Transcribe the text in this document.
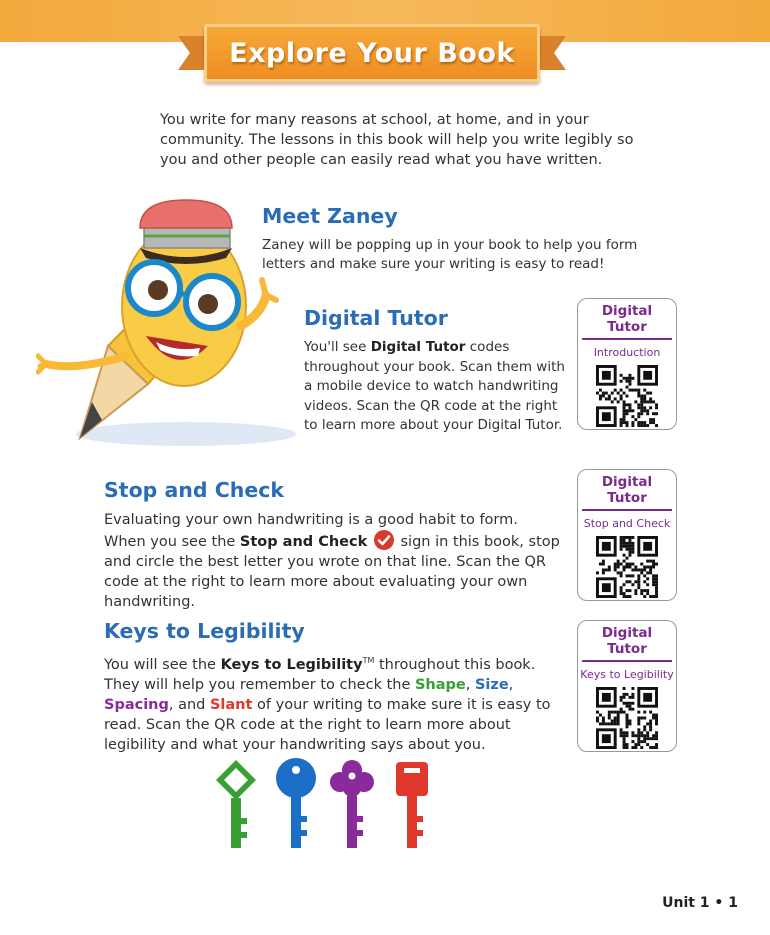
Explore Your Book

You write for many reasons at school, at home, and in your community. The lessons in this book will help you write legibly so you and other people can easily read what you have written.

Meet Zaney

Zaney will be popping up in your book to help you form letters and make sure your writing is easy to read!

Digital Tutor

You'll see Digital Tutor codes throughout your book. Scan them with a mobile device to watch handwriting videos. Scan the QR code at the right to learn more about your Digital Tutor.

Stop and Check

Evaluating your own handwriting is a good habit to form. When you see the Stop and Check
sign in this book, stop and circle the best letter you wrote on that line. Scan the QR code at the right to learn more about evaluating your own handwriting.

Keys to Legibility

You will see the Keys to Legibility™ throughout this book. They will help you remember to check the Shape, Size, Spacing, and Slant of your writing to make sure it is easy to read. Scan the QR code at the right to learn more about legibility and what your handwriting says about you.

Digital Tutor
Introduction
Digital Tutor
Stop and Check
Digital Tutor
Keys to Legibility
Unit 1 • 1
